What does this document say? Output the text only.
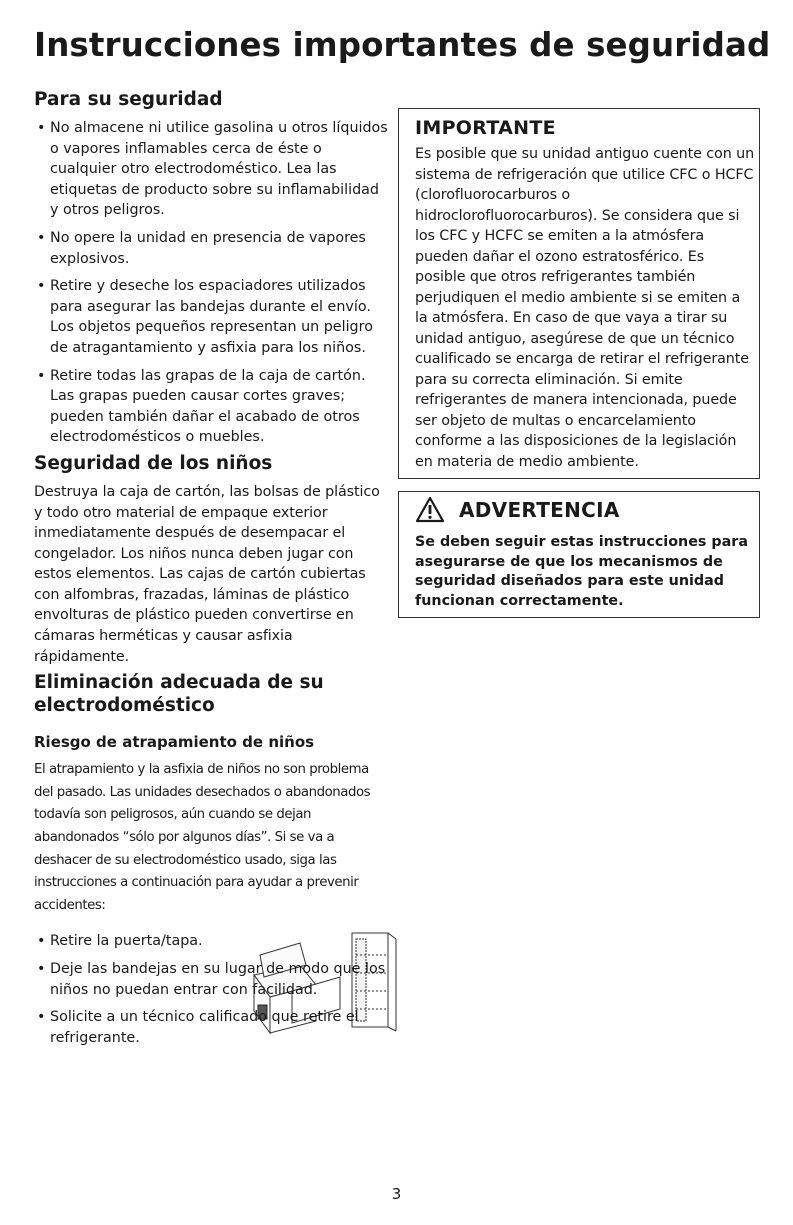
Instrucciones importantes de seguridad
Para su seguridad
• No almacene ni utilice gasolina u otros líquidos o vapores inflamables cerca de éste o cualquier otro electrodoméstico. Lea las etiquetas de producto sobre su inflamabilidad y otros peligros.
• No opere la unidad en presencia de vapores explosivos.
• Retire y deseche los espaciadores utilizados para asegurar las bandejas durante el envío. Los objetos pequeños representan un peligro de atragantamiento y asfixia para los niños.
• Retire todas las grapas de la caja de cartón. Las grapas pueden causar cortes graves; pueden también dañar el acabado de otros electrodomésticos o muebles.
Seguridad de los niños

Destruya la caja de cartón, las bolsas de plástico y todo otro material de empaque exterior inmediatamente después de desempacar el congelador. Los niños nunca deben jugar con estos elementos. Las cajas de cartón cubiertas con alfombras, frazadas, láminas de plástico envolturas de plástico pueden convertirse en cámaras herméticas y causar asfixia rápidamente.

Eliminación adecuada de su electrodoméstico

Riesgo de atrapamiento de niños

El atrapamiento y la asfixia de niños no son problema del pasado. Las unidades desechados o abandonados todavía son peligrosos, aún cuando se dejan abandonados “sólo por algunos días”. Si se va a deshacer de su electrodoméstico usado, siga las instrucciones a continuación para ayudar a prevenir accidentes:

• Retire la puerta/tapa.
• Deje las bandejas en su lugar de modo que los niños no puedan entrar con facilidad.
• Solicite a un técnico calificado que retire el refrigerante.
IMPORTANTE

Es posible que su unidad antiguo cuente con un sistema de refrigeración que utilice CFC o HCFC (clorofluorocarburos o hidroclorofluorocarburos). Se considera que si los CFC y HCFC se emiten a la atmósfera pueden dañar el ozono estratosférico. Es posible que otros refrigerantes también perjudiquen el medio ambiente si se emiten a la atmósfera. En caso de que vaya a tirar su unidad antiguo, asegúrese de que un técnico cualificado se encarga de retirar el refrigerante para su correcta eliminación. Si emite refrigerantes de manera intencionada, puede ser objeto de multas o encarcelamiento conforme a las disposiciones de la legislación en materia de medio ambiente.

ADVERTENCIA

Se deben seguir estas instrucciones para asegurarse de que los mecanismos de seguridad diseñados para este unidad funcionan correctamente.

3
